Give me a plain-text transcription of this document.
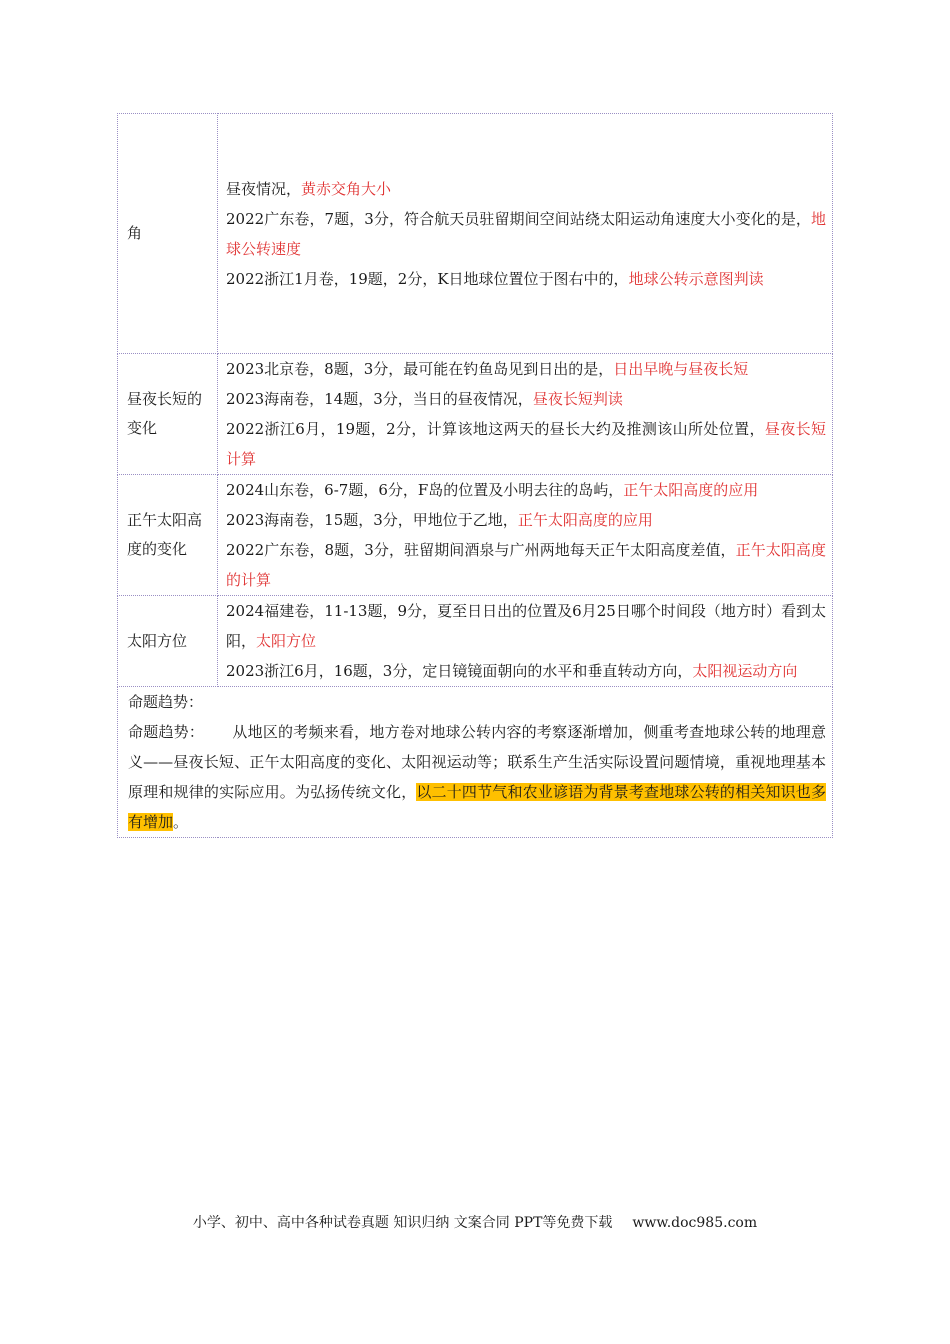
角	昼夜情况，黄赤交角大小

2022广东卷，7题，3分，符合航天员驻留期间空间站绕太阳运动角速度大小变化的是，地球公转速度

2022浙江1月卷，19题，2分，K日地球位置位于图右中的，地球公转示意图判读

昼夜长短的变化	2023北京卷，8题，3分，最可能在钓鱼岛见到日出的是，日出早晚与昼夜长短

2023海南卷，14题，3分，当日的昼夜情况，昼夜长短判读

2022浙江6月，19题，2分，计算该地这两天的昼长大约及推测该山所处位置，昼夜长短计算

正午太阳高度的变化	2024山东卷，6-7题，6分，F岛的位置及小明去往的岛屿，正午太阳高度的应用

2023海南卷，15题，3分，甲地位于乙地，正午太阳高度的应用

2022广东卷，8题，3分，驻留期间酒泉与广州两地每天正午太阳高度差值，正午太阳高度的计算

太阳方位	2024福建卷，11-13题，9分，夏至日日出的位置及6月25日哪个时间段（地方时）看到太阳，太阳方位

2023浙江6月，16题，3分，定日镜镜面朝向的水平和垂直转动方向，太阳视运动方向

命题趋势：

命题趋势： 从地区的考频来看，地方卷对地球公转内容的考察逐渐增加，侧重考查地球公转的地理意义——昼夜长短、正午太阳高度的变化、太阳视运动等；联系生产生活实际设置问题情境，重视地理基本原理和规律的实际应用。为弘扬传统文化，以二十四节气和农业谚语为背景考查地球公转的相关知识也多有增加。	

小学、初中、高中各种试卷真题 知识归纳 文案合同 PPT等免费下载 www.doc985.com
